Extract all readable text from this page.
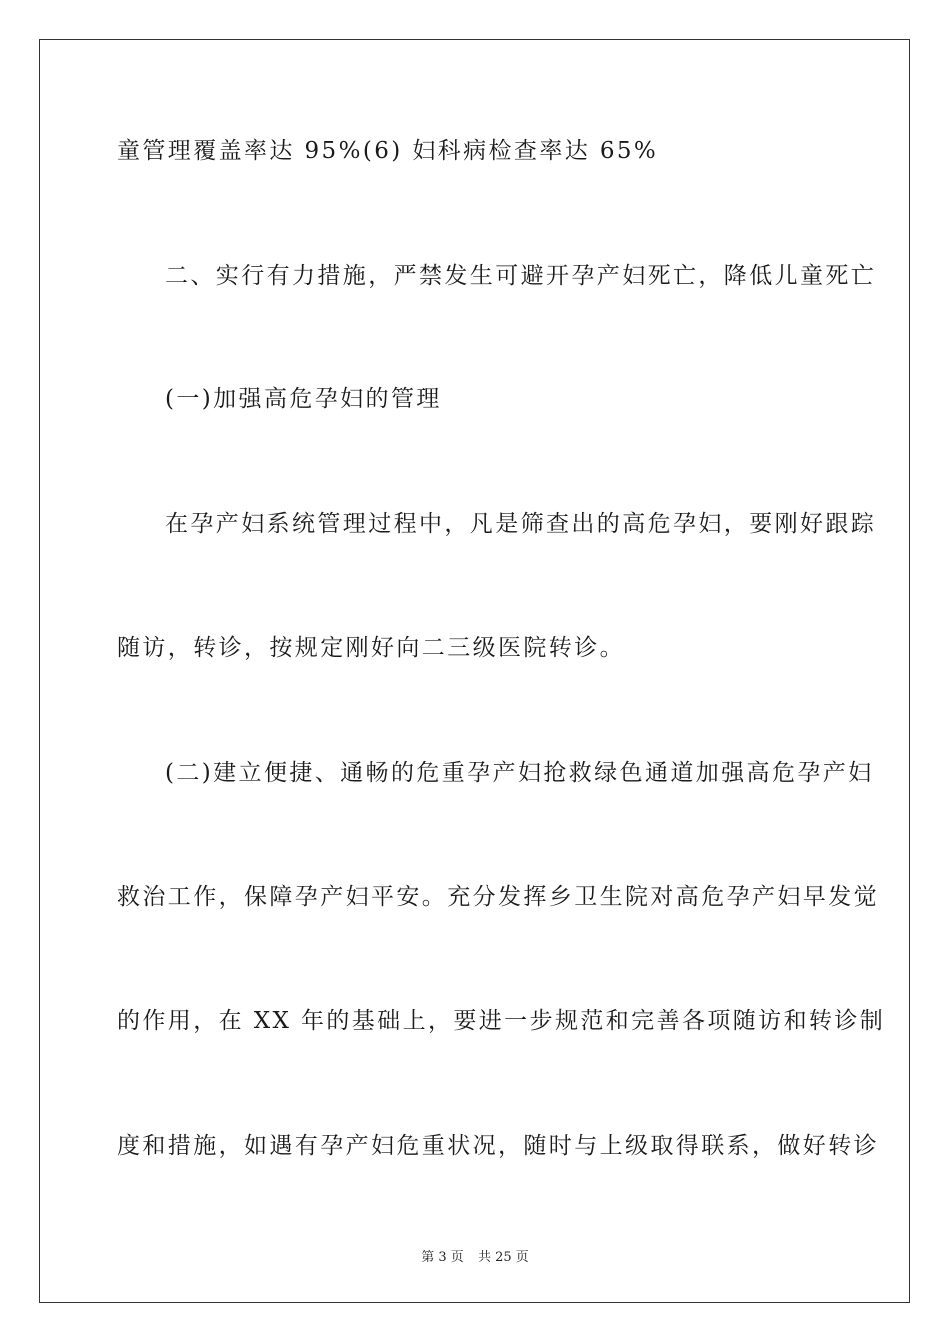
童管理覆盖率达 95%(6) 妇科病检查率达 65%
二、实行有力措施，严禁发生可避开孕产妇死亡，降低儿童死亡
(一)加强高危孕妇的管理
在孕产妇系统管理过程中，凡是筛查出的高危孕妇，要刚好跟踪
随访，转诊，按规定刚好向二三级医院转诊。
(二)建立便捷、通畅的危重孕产妇抢救绿色通道加强高危孕产妇
救治工作，保障孕产妇平安。充分发挥乡卫生院对高危孕产妇早发觉
的作用，在 XX 年的基础上，要进一步规范和完善各项随访和转诊制
度和措施，如遇有孕产妇危重状况，随时与上级取得联系，做好转诊
第 3 页 共 25 页
